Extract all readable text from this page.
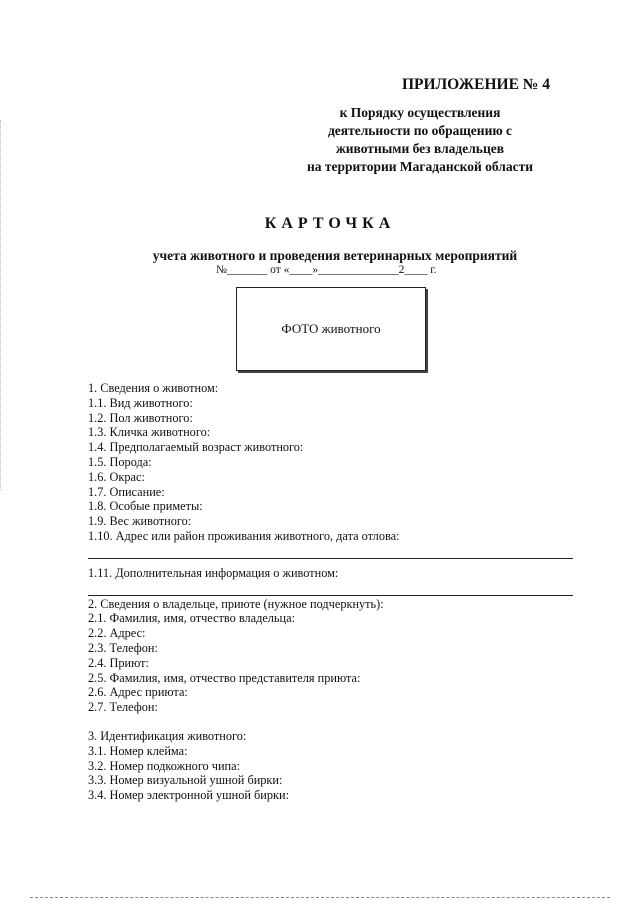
ПРИЛОЖЕНИЕ № 4
к Порядку осуществления
деятельности по обращению с
животными без владельцев
на территории Магаданской области
КАРТОЧКА
учета животного и проведения ветеринарных мероприятий
№_______ от «____»______________2____ г.
ФОТО животного
1. Сведения о животном:
1.1. Вид животного:
1.2. Пол животного:
1.3. Кличка животного:
1.4. Предполагаемый возраст животного:
1.5. Порода:
1.6. Окрас:
1.7. Описание:
1.8. Особые приметы:
1.9. Вес животного:
1.10. Адрес или район проживания животного, дата отлова:
1.11. Дополнительная информация о животном:
2. Сведения о владельце, приюте (нужное подчеркнуть):
2.1. Фамилия, имя, отчество владельца:
2.2. Адрес:
2.3. Телефон:
2.4. Приют:
2.5. Фамилия, имя, отчество представителя приюта:
2.6. Адрес приюта:
2.7. Телефон:
3. Идентификация животного:
3.1. Номер клейма:
3.2. Номер подкожного чипа:
3.3. Номер визуальной ушной бирки:
3.4. Номер электронной ушной бирки:
